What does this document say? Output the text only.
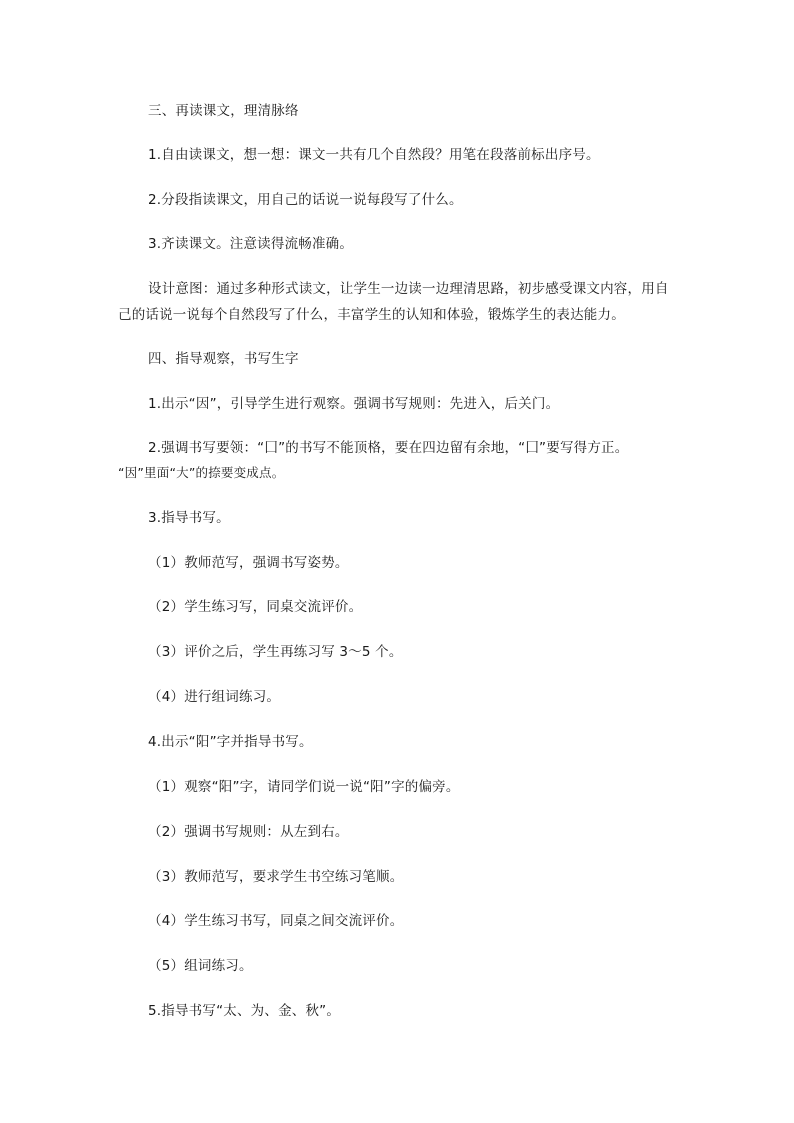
三、再读课文，理清脉络
1.自由读课文，想一想：课文一共有几个自然段？用笔在段落前标出序号。
2.分段指读课文，用自己的话说一说每段写了什么。
3.齐读课文。注意读得流畅准确。
设计意图：通过多种形式读文，让学生一边读一边理清思路，初步感受课文内容，用自
己的话说一说每个自然段写了什么，丰富学生的认知和体验，锻炼学生的表达能力。
四、指导观察，书写生字
1.出示“因”，引导学生进行观察。强调书写规则：先进入，后关门。
2.强调书写要领：“囗”的书写不能顶格，要在四边留有余地，“囗”要写得方正。
“因”里面“大”的捺要变成点。
3.指导书写。
（1）教师范写，强调书写姿势。
（2）学生练习写，同桌交流评价。
（3）评价之后，学生再练习写 3～5 个。
（4）进行组词练习。
4.出示“阳”字并指导书写。
（1）观察“阳”字，请同学们说一说“阳”字的偏旁。
（2）强调书写规则：从左到右。
（3）教师范写，要求学生书空练习笔顺。
（4）学生练习书写，同桌之间交流评价。
（5）组词练习。
5.指导书写“太、为、金、秋”。
